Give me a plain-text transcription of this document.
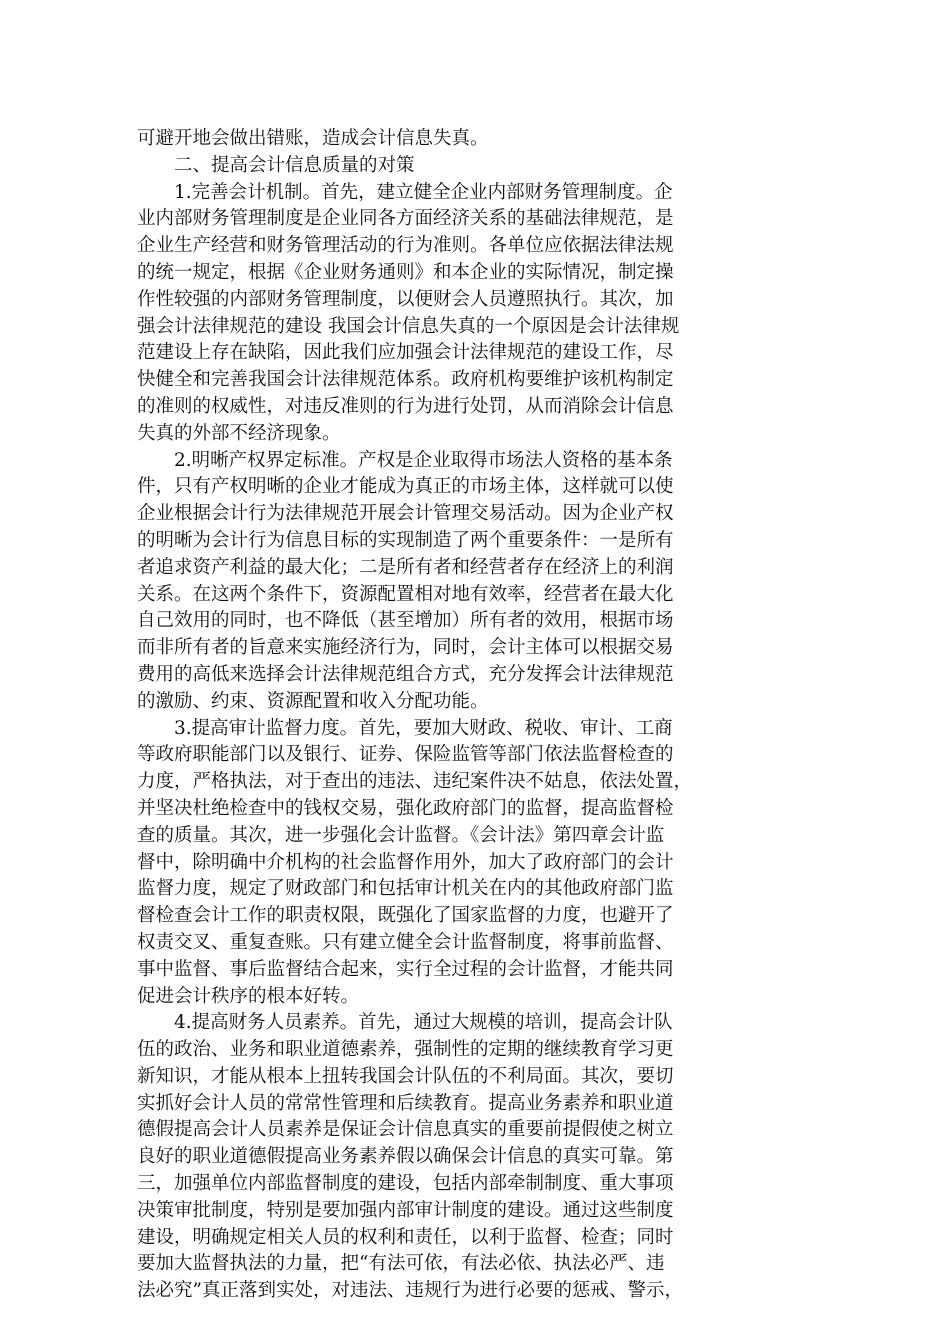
可避开地会做出错账，造成会计信息失真。
二、提高会计信息质量的对策
1.完善会计机制。首先，建立健全企业内部财务管理制度。企
业内部财务管理制度是企业同各方面经济关系的基础法律规范，是
企业生产经营和财务管理活动的行为准则。各单位应依据法律法规
的统一规定，根据《企业财务通则》和本企业的实际情况，制定操
作性较强的内部财务管理制度，以便财会人员遵照执行。其次，加
强会计法律规范的建设 我国会计信息失真的一个原因是会计法律规
范建设上存在缺陷，因此我们应加强会计法律规范的建设工作，尽
快健全和完善我国会计法律规范体系。政府机构要维护该机构制定
的准则的权威性，对违反准则的行为进行处罚，从而消除会计信息
失真的外部不经济现象。
2.明晰产权界定标准。产权是企业取得市场法人资格的基本条
件，只有产权明晰的企业才能成为真正的市场主体，这样就可以使
企业根据会计行为法律规范开展会计管理交易活动。因为企业产权
的明晰为会计行为信息目标的实现制造了两个重要条件：一是所有
者追求资产利益的最大化；二是所有者和经营者存在经济上的利润
关系。在这两个条件下，资源配置相对地有效率，经营者在最大化
自己效用的同时，也不降低（甚至增加）所有者的效用，根据市场
而非所有者的旨意来实施经济行为，同时，会计主体可以根据交易
费用的高低来选择会计法律规范组合方式，充分发挥会计法律规范
的激励、约束、资源配置和收入分配功能。
3.提高审计监督力度。首先，要加大财政、税收、审计、工商
等政府职能部门以及银行、证券、保险监管等部门依法监督检查的
力度，严格执法，对于查出的违法、违纪案件决不姑息，依法处置，
并坚决杜绝检查中的钱权交易，强化政府部门的监督，提高监督检
查的质量。其次，进一步强化会计监督。《会计法》第四章会计监
督中，除明确中介机构的社会监督作用外，加大了政府部门的会计
监督力度，规定了财政部门和包括审计机关在内的其他政府部门监
督检查会计工作的职责权限，既强化了国家监督的力度，也避开了
权责交叉、重复查账。只有建立健全会计监督制度，将事前监督、
事中监督、事后监督结合起来，实行全过程的会计监督，才能共同
促进会计秩序的根本好转。
4.提高财务人员素养。首先，通过大规模的培训，提高会计队
伍的政治、业务和职业道德素养，强制性的定期的继续教育学习更
新知识，才能从根本上扭转我国会计队伍的不利局面。其次，要切
实抓好会计人员的常常性管理和后续教育。提高业务素养和职业道
德假提高会计人员素养是保证会计信息真实的重要前提假使之树立
良好的职业道德假提高业务素养假以确保会计信息的真实可靠。第
三，加强单位内部监督制度的建设，包括内部牵制制度、重大事项
决策审批制度，特别是要加强内部审计制度的建设。通过这些制度
建设，明确规定相关人员的权利和责任，以利于监督、检查；同时
要加大监督执法的力量，把“有法可依，有法必依、执法必严、违
法必究”真正落到实处，对违法、违规行为进行必要的惩戒、警示，
